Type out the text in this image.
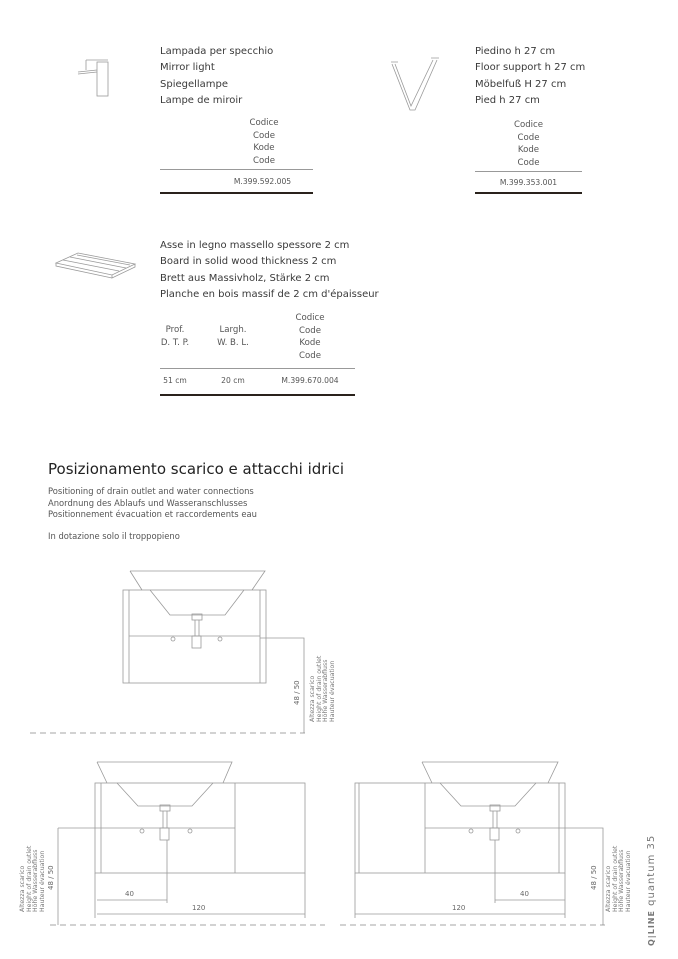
Lampada per specchio
Mirror light
Spiegellampe
Lampe de miroir
Codice
Code
Kode
Code
M.399.592.005
Piedino h 27 cm
Floor support h 27 cm
Möbelfuß H 27 cm
Pied h 27 cm
Codice
Code
Kode
Code
M.399.353.001
Asse in legno massello spessore 2 cm
Board in solid wood thickness 2 cm
Brett aus Massivholz, Stärke 2 cm
Planche en bois massif de 2 cm d'épaisseur
Prof.
D. T. P.
Largh.
W. B. L.
Codice
Code
Kode
Code
51 cm	20 cm	M.399.670.004
Posizionamento scarico e attacchi idrici
Positioning of drain outlet and water connections
Anordnung des Ablaufs und Wasseranschlusses
Positionnement évacuation et raccordements eau
In dotazione solo il troppopieno
48 / 50 Altezza scarico Height of drain outlet Höhe Wasserabfluss Hauteur évacuation
Altezza scarico Height of drain outlet Höhe Wasserabfluss Hauteur évacuation 48 / 50
40
120
48 / 50 Altezza scarico Height of drain outlet Höhe Wasserabfluss Hauteur évacuation
40
120
Q|LINE quantum 35
